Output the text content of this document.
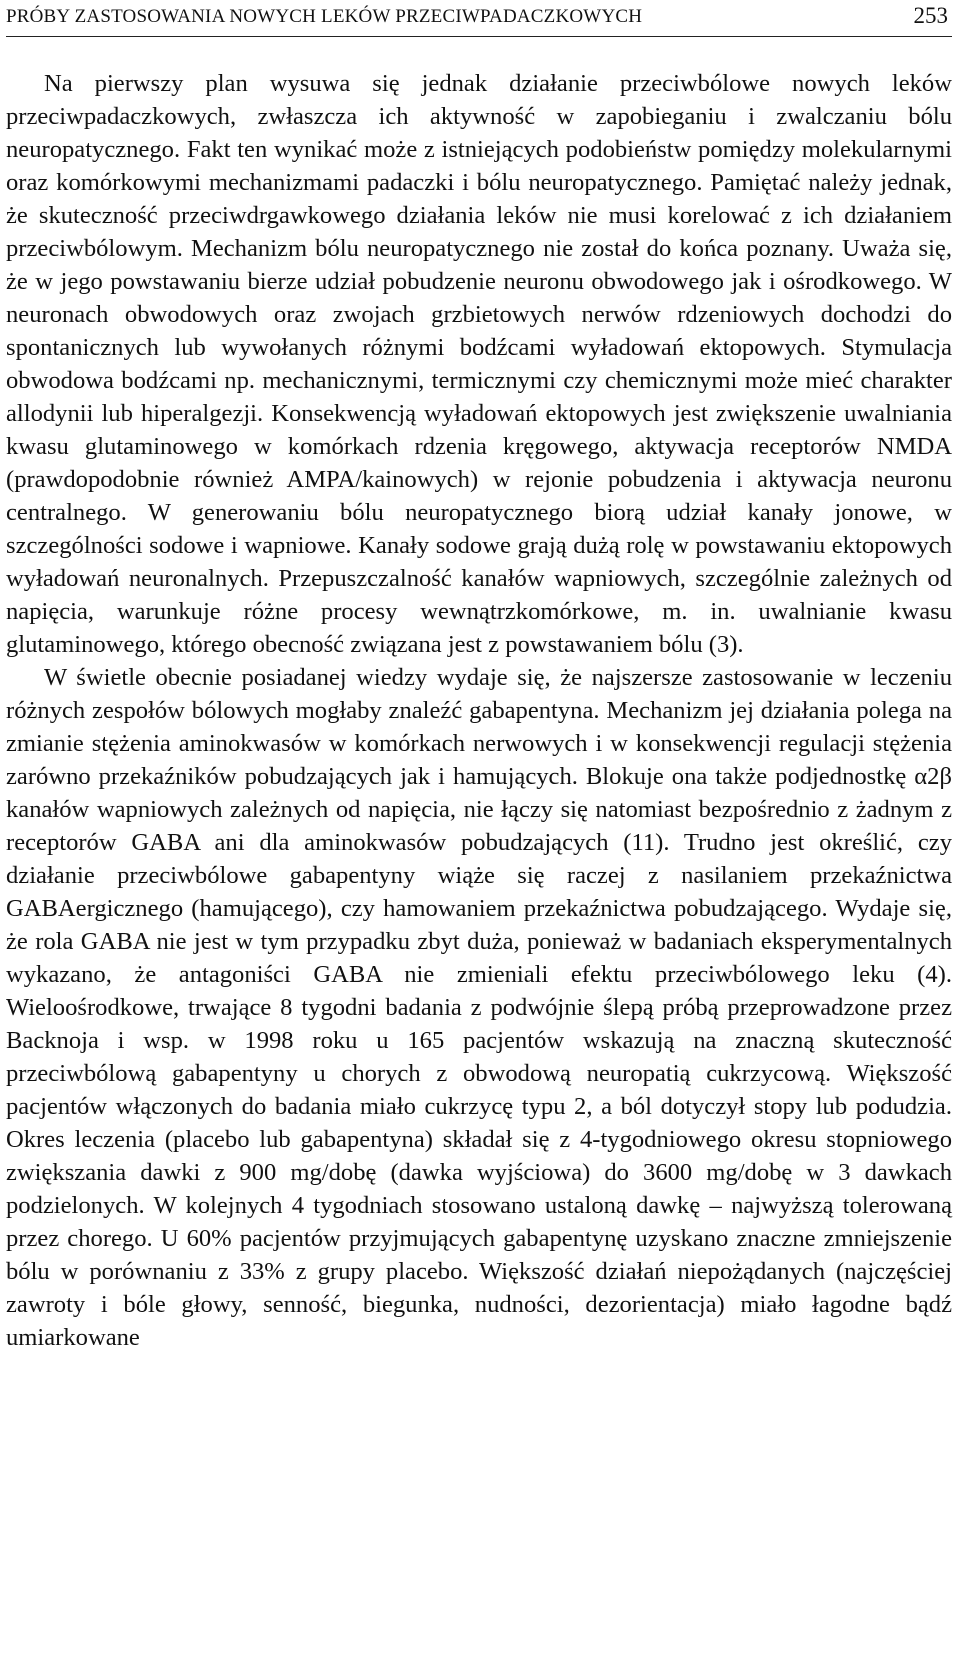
PRÓBY ZASTOSOWANIA NOWYCH LEKÓW PRZECIWPADACZKOWYCH	253

Na pierwszy plan wysuwa się jednak działanie przeciwbólowe nowych leków przeciwpadaczkowych, zwłaszcza ich aktywność w zapobieganiu i zwalczaniu bólu neuropatycznego. Fakt ten wynikać może z istniejących podobieństw pomiędzy molekularnymi oraz komórkowymi mechanizmami padaczki i bólu neuropatycznego. Pamiętać należy jednak, że skuteczność przeciwdrgawkowego działania leków nie musi korelować z ich działaniem przeciwbólowym. Mechanizm bólu neuropatycznego nie został do końca poznany. Uważa się, że w jego powstawaniu bierze udział pobudzenie neuronu obwodowego jak i ośrodkowego. W neuronach obwodowych oraz zwojach grzbietowych nerwów rdzeniowych dochodzi do spontanicznych lub wywołanych różnymi bodźcami wyładowań ektopowych. Stymulacja obwodowa bodźcami np. mechanicznymi, termicznymi czy chemicznymi może mieć charakter allodynii lub hiperalgezji. Konsekwencją wyładowań ektopowych jest zwiększenie uwalniania kwasu glutaminowego w komórkach rdzenia kręgowego, aktywacja receptorów NMDA (prawdopodobnie również AMPA/kainowych) w rejonie pobudzenia i aktywacja neuronu centralnego. W generowaniu bólu neuropatycznego biorą udział kanały jonowe, w szczególności sodowe i wapniowe. Kanały sodowe grają dużą rolę w powstawaniu ektopowych wyładowań neuronalnych. Przepuszczalność kanałów wapniowych, szczególnie zależnych od napięcia, warunkuje różne procesy wewnątrzkomórkowe, m. in. uwalnianie kwasu glutaminowego, którego obecność związana jest z powstawaniem bólu (3).

W świetle obecnie posiadanej wiedzy wydaje się, że najszersze zastosowanie w leczeniu różnych zespołów bólowych mogłaby znaleźć gabapentyna. Mechanizm jej działania polega na zmianie stężenia aminokwasów w komórkach nerwowych i w konsekwencji regulacji stężenia zarówno przekaźników pobudzających jak i hamujących. Blokuje ona także podjednostkę α2β kanałów wapniowych zależnych od napięcia, nie łączy się natomiast bezpośrednio z żadnym z receptorów GABA ani dla aminokwasów pobudzających (11). Trudno jest określić, czy działanie przeciwbólowe gabapentyny wiąże się raczej z nasilaniem przekaźnictwa GABAergicznego (hamującego), czy hamowaniem przekaźnictwa pobudzającego. Wydaje się, że rola GABA nie jest w tym przypadku zbyt duża, ponieważ w badaniach eksperymentalnych wykazano, że antagoniści GABA nie zmieniali efektu przeciwbólowego leku (4). Wieloośrodkowe, trwające 8 tygodni badania z podwójnie ślepą próbą przeprowadzone przez Backnoja i wsp. w 1998 roku u 165 pacjentów wskazują na znaczną skuteczność przeciwbólową gabapentyny u chorych z obwodową neuropatią cukrzycową. Większość pacjentów włączonych do badania miało cukrzycę typu 2, a ból dotyczył stopy lub podudzia. Okres leczenia (placebo lub gabapentyna) składał się z 4-tygodniowego okresu stopniowego zwiększania dawki z 900 mg/dobę (dawka wyjściowa) do 3600 mg/dobę w 3 dawkach podzielonych. W kolejnych 4 tygodniach stosowano ustaloną dawkę – najwyższą tolerowaną przez chorego. U 60% pacjentów przyjmujących gabapentynę uzyskano znaczne zmniejszenie bólu w porównaniu z 33% z grupy placebo. Większość działań niepożądanych (najczęściej zawroty i bóle głowy, senność, biegunka, nudności, dezorientacja) miało łagodne bądź umiarkowane
